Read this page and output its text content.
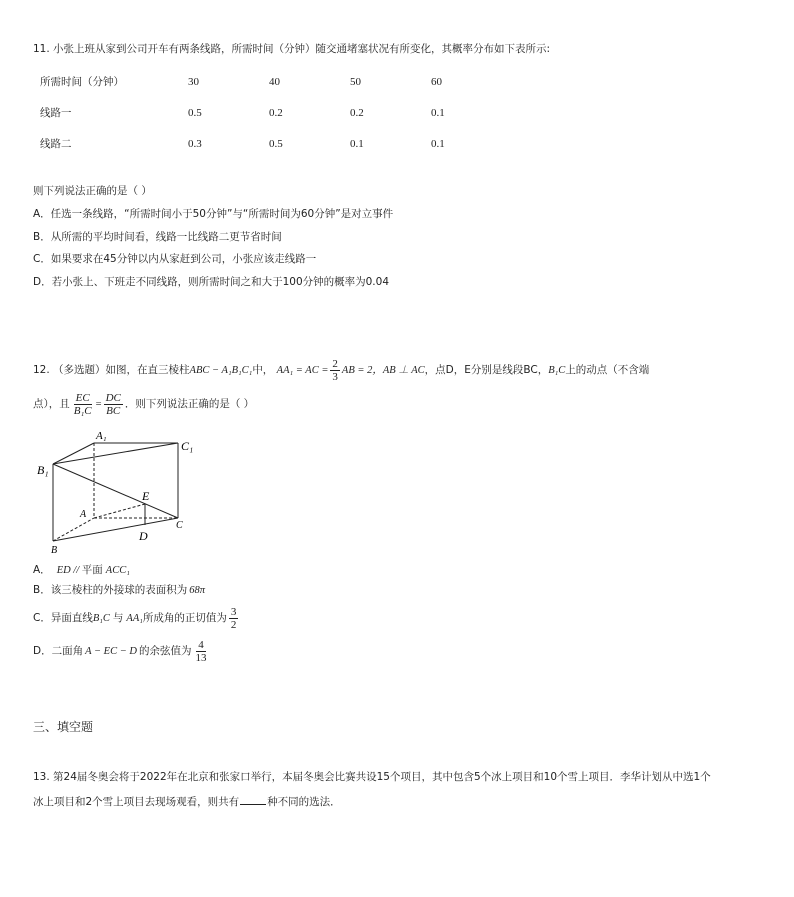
11. 小张上班从家到公司开车有两条线路，所需时间（分钟）随交通堵塞状况有所变化，其概率分布如下表所示:
所需时间（分钟）	30	40	50	60
线路一	0.5	0.2	0.2	0.1
线路二	0.3	0.5	0.1	0.1
则下列说法正确的是（ ）
A．任选一条线路，“所需时间小于50分钟”与“所需时间为60分钟”是对立事件
B．从所需的平均时间看，线路一比线路二更节省时间
C．如果要求在45分钟以内从家赶到公司，小张应该走线路一
D．若小张上、下班走不同线路，则所需时间之和大于100分钟的概率为0.04
12. （多选题）如图，在直三棱柱ABC − A₁B₁C₁中， AA₁ = AC = $\frac{2}{3}$ AB = 2，AB ⊥ AC，点D，E分别是线段BC，B₁C上的动点（不含端
点），且 $\frac{EC}{\text{B₁C}} = \frac{DC}{BC}$ ．则下列说法正确的是（ ）
A₁
C₁
B₁
E
A
C
D
B
A． ED // 平面 ACC₁
B．该三棱柱的外接球的表面积为 68π
C．异面直线B₁C 与 AA₁所成角的正切值为 $\frac{3}{2}$
D．二面角 A − EC − D 的余弦值为 $\frac{4}{13}$
三、填空题
13. 第24届冬奥会将于2022年在北京和张家口举行，本届冬奥会比赛共设15个项目，其中包含5个冰上项目和10个雪上项目．李华计划从中选1个
冰上项目和2个雪上项目去现场观看，则共有	种不同的选法．
